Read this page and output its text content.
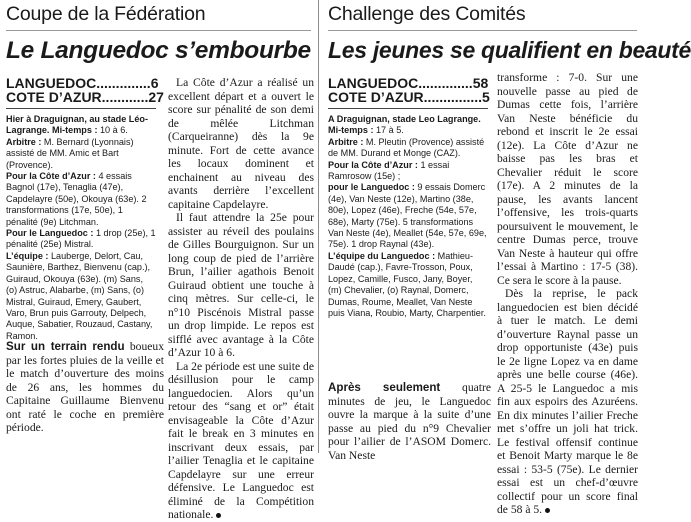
Coupe de la Fédération
Le Languedoc s’embourbe
LANGUEDOC..............6
COTE D’AZUR............27

Hier à Draguignan, au stade Léo-Lagrange. Mi-temps : 10 à 6.

Arbitre : M. Bernard (Lyonnais) assisté de MM. Amic et Bart (Provence).

Pour la Côte d’Azur : 4 essais Bagnol (17e), Tenaglia (47e), Capdelayre (50e), Okouya (63e). 2 transformations (17e, 50e), 1 pénalité (9e) Litchman.

Pour le Languedoc : 1 drop (25e), 1 pénalité (25e) Mistral.

L’équipe : Lauberge, Delort, Cau, Saunière, Barthez, Bienvenu (cap.), Guiraud, Okouya (63e). (m) Sans, (o) Astruc, Alabarbe, (m) Sans, (o) Mistral, Guiraud, Emery, Gaubert, Varo, Brun puis Garrouty, Delpech, Auque, Sabatier, Rouzaud, Castany, Ramon.

Sur un terrain rendu boueux par les fortes pluies de la veille et le match d’ouverture des moins de 26 ans, les hommes du Capitaine Guillaume Bienvenu ont raté le coche en première période.

La Côte d’Azur a réalisé un excellent départ et a ouvert le score sur pénalité de son demi de mêlée Litchman (Carqueiranne) dès la 9e minute. Fort de cette avance les locaux dominent et enchainent au niveau des avants derrière l’excellent capitaine Capdelayre.

Il faut attendre la 25e pour assister au réveil des poulains de Gilles Bourguignon. Sur un long coup de pied de l’arrière Brun, l’ailier agathois Benoit Guiraud obtient une touche à cinq mètres. Sur celle-ci, le n°10 Piscénois Mistral passe un drop limpide. Le repos est sifflé avec avantage à la Côte d’Azur 10 à 6.

La 2e période est une suite de désillusion pour le camp languedocien. Alors qu’un retour des “sang et or” était envisageable la Côte d’Azur fait le break en 3 minutes en inscrivant deux essais, par l’ailier Tenaglia et le capitaine Capdelayre sur une erreur défensive. Le Languedoc est éliminé de la Compétition nationale.

Challenge des Comités
Les jeunes se qualifient en beauté
LANGUEDOC..............58
COTE D’AZUR...............5

A Draguignan, stade Leo Lagrange. Mi-temps : 17 à 5.

Arbitre : M. Pleutin (Provence) assisté de MM. Durand et Monge (CAZ).

Pour la Côte d’Azur : 1 essai Ramrosow (15e) ;

pour le Languedoc : 9 essais Domerc (4e), Van Neste (12e), Martino (38e, 80e), Lopez (46e), Freche (54e, 57e, 68e), Marty (75e). 5 transformations Van Neste (4e), Meallet (54e, 57e, 69e, 75e). 1 drop Raynal (43e).

L’équipe du Languedoc : Mathieu-Daudé (cap.), Favre-Trosson, Poux, Lopez, Camille, Fusco, Jany, Boyer, (m) Chevalier, (o) Raynal, Domerc, Dumas, Roume, Meallet, Van Neste puis Viana, Roubio, Marty, Charpentier.

Après seulement quatre minutes de jeu, le Languedoc ouvre la marque à la suite d’une passe au pied du n°9 Chevalier pour l’ailier de l’ASOM Domerc. Van Neste

transforme : 7-0. Sur une nouvelle passe au pied de Dumas cette fois, l’arrière Van Neste bénéficie du rebond et inscrit le 2e essai (12e). La Côte d’Azur ne baisse pas les bras et Chevalier réduit le score (17e). A 2 minutes de la pause, les avants lancent l’offensive, les trois-quarts poursuivent le mouvement, le centre Dumas perce, trouve Van Neste à hauteur qui offre l’essai à Martino : 17-5 (38). Ce sera le score à la pause.

Dès la reprise, le pack languedocien est bien décidé à tuer le match. Le demi d’ouverture Raynal passe un drop opportuniste (43e) puis le 2e ligne Lopez va en dame après une belle course (46e). A 25-5 le Languedoc a mis fin aux espoirs des Azuréens. En dix minutes l’ailier Freche met s’offre un joli hat trick. Le festival offensif continue et Benoit Marty marque le 8e essai : 53-5 (75e). Le dernier essai est un chef-d’œuvre collectif pour un score final de 58 à 5.
